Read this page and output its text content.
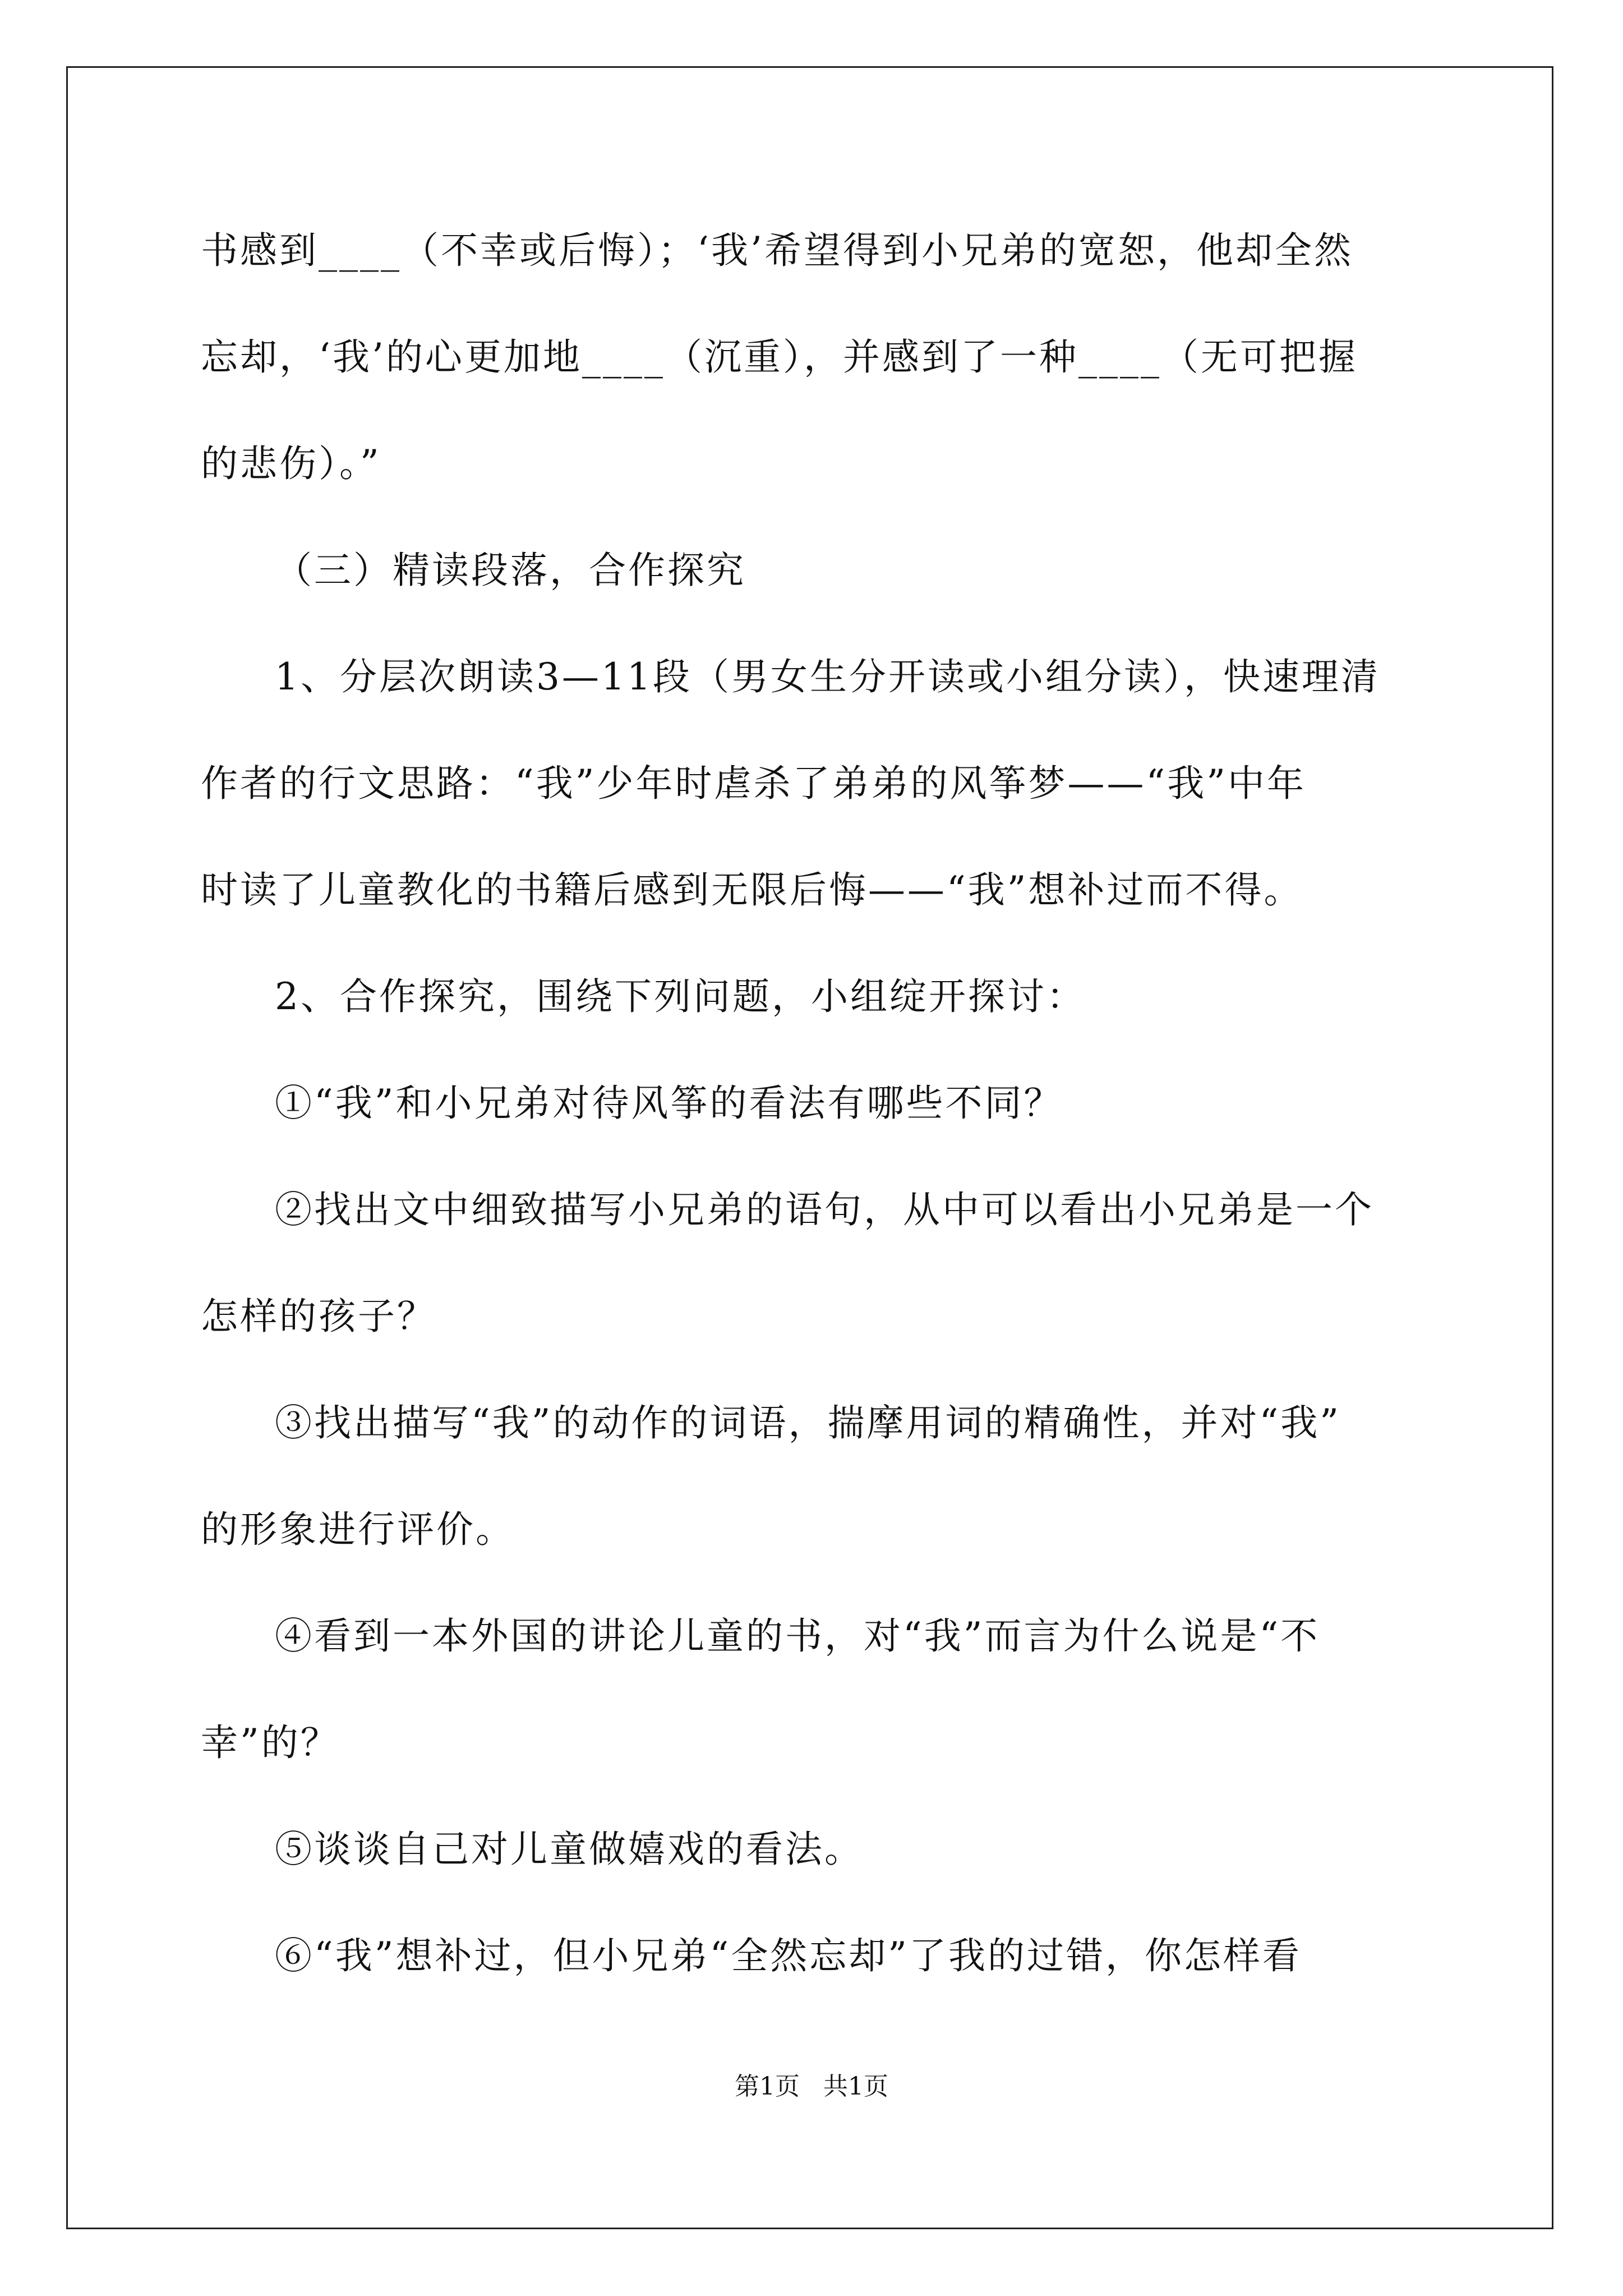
书感到____（不幸或后悔）；‘我’希望得到小兄弟的宽恕，他却全然
忘却，‘我’的心更加地____（沉重），并感到了一种____（无可把握
的悲伤）。”
（三）精读段落，合作探究
1、分层次朗读3—11段（男女生分开读或小组分读），快速理清
作者的行文思路：“我”少年时虐杀了弟弟的风筝梦——“我”中年
时读了儿童教化的书籍后感到无限后悔——“我”想补过而不得。
2、合作探究，围绕下列问题，小组绽开探讨：
①“我”和小兄弟对待风筝的看法有哪些不同？
②找出文中细致描写小兄弟的语句，从中可以看出小兄弟是一个
怎样的孩子？
③找出描写“我”的动作的词语，揣摩用词的精确性，并对“我”
的形象进行评价。
④看到一本外国的讲论儿童的书，对“我”而言为什么说是“不
幸”的？
⑤谈谈自己对儿童做嬉戏的看法。
⑥“我”想补过，但小兄弟“全然忘却”了我的过错，你怎样看
第1页   共1页
